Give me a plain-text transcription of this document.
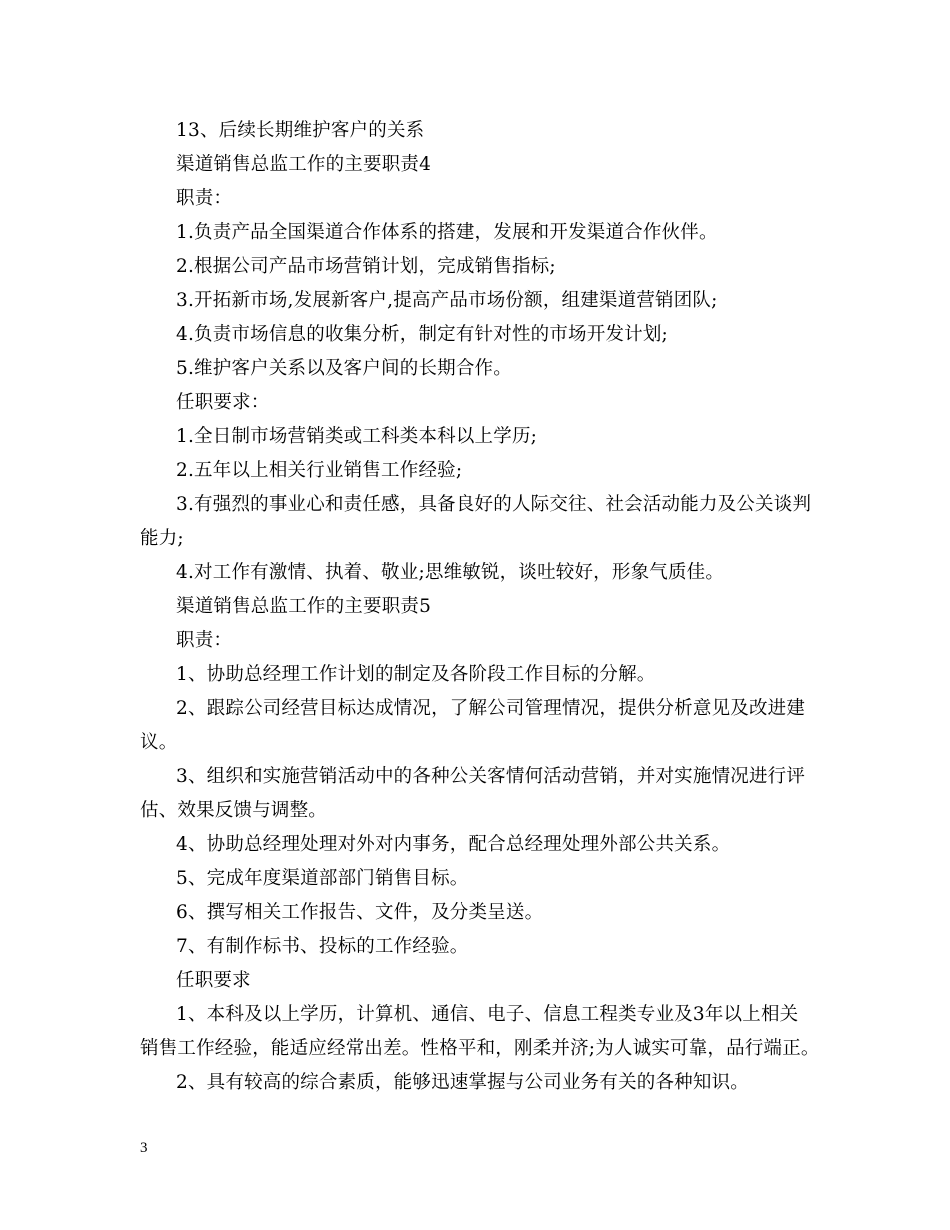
13、后续长期维护客户的关系
渠道销售总监工作的主要职责4
职责：
1.负责产品全国渠道合作体系的搭建，发展和开发渠道合作伙伴。
2.根据公司产品市场营销计划，完成销售指标;
3.开拓新市场,发展新客户,提高产品市场份额，组建渠道营销团队;
4.负责市场信息的收集分析，制定有针对性的市场开发计划;
5.维护客户关系以及客户间的长期合作。
任职要求：
1.全日制市场营销类或工科类本科以上学历;
2.五年以上相关行业销售工作经验;
3.有强烈的事业心和责任感，具备良好的人际交往、社会活动能力及公关谈判
能力;
4.对工作有激情、执着、敬业;思维敏锐，谈吐较好，形象气质佳。
渠道销售总监工作的主要职责5
职责：
1、协助总经理工作计划的制定及各阶段工作目标的分解。
2、跟踪公司经营目标达成情况，了解公司管理情况，提供分析意见及改进建
议。
3、组织和实施营销活动中的各种公关客情何活动营销，并对实施情况进行评
估、效果反馈与调整。
4、协助总经理处理对外对内事务，配合总经理处理外部公共关系。
5、完成年度渠道部部门销售目标。
6、撰写相关工作报告、文件，及分类呈送。
7、有制作标书、投标的工作经验。
任职要求
1、本科及以上学历，计算机、通信、电子、信息工程类专业及3年以上相关
销售工作经验，能适应经常出差。性格平和，刚柔并济;为人诚实可靠，品行端正。
2、具有较高的综合素质，能够迅速掌握与公司业务有关的各种知识。
3
